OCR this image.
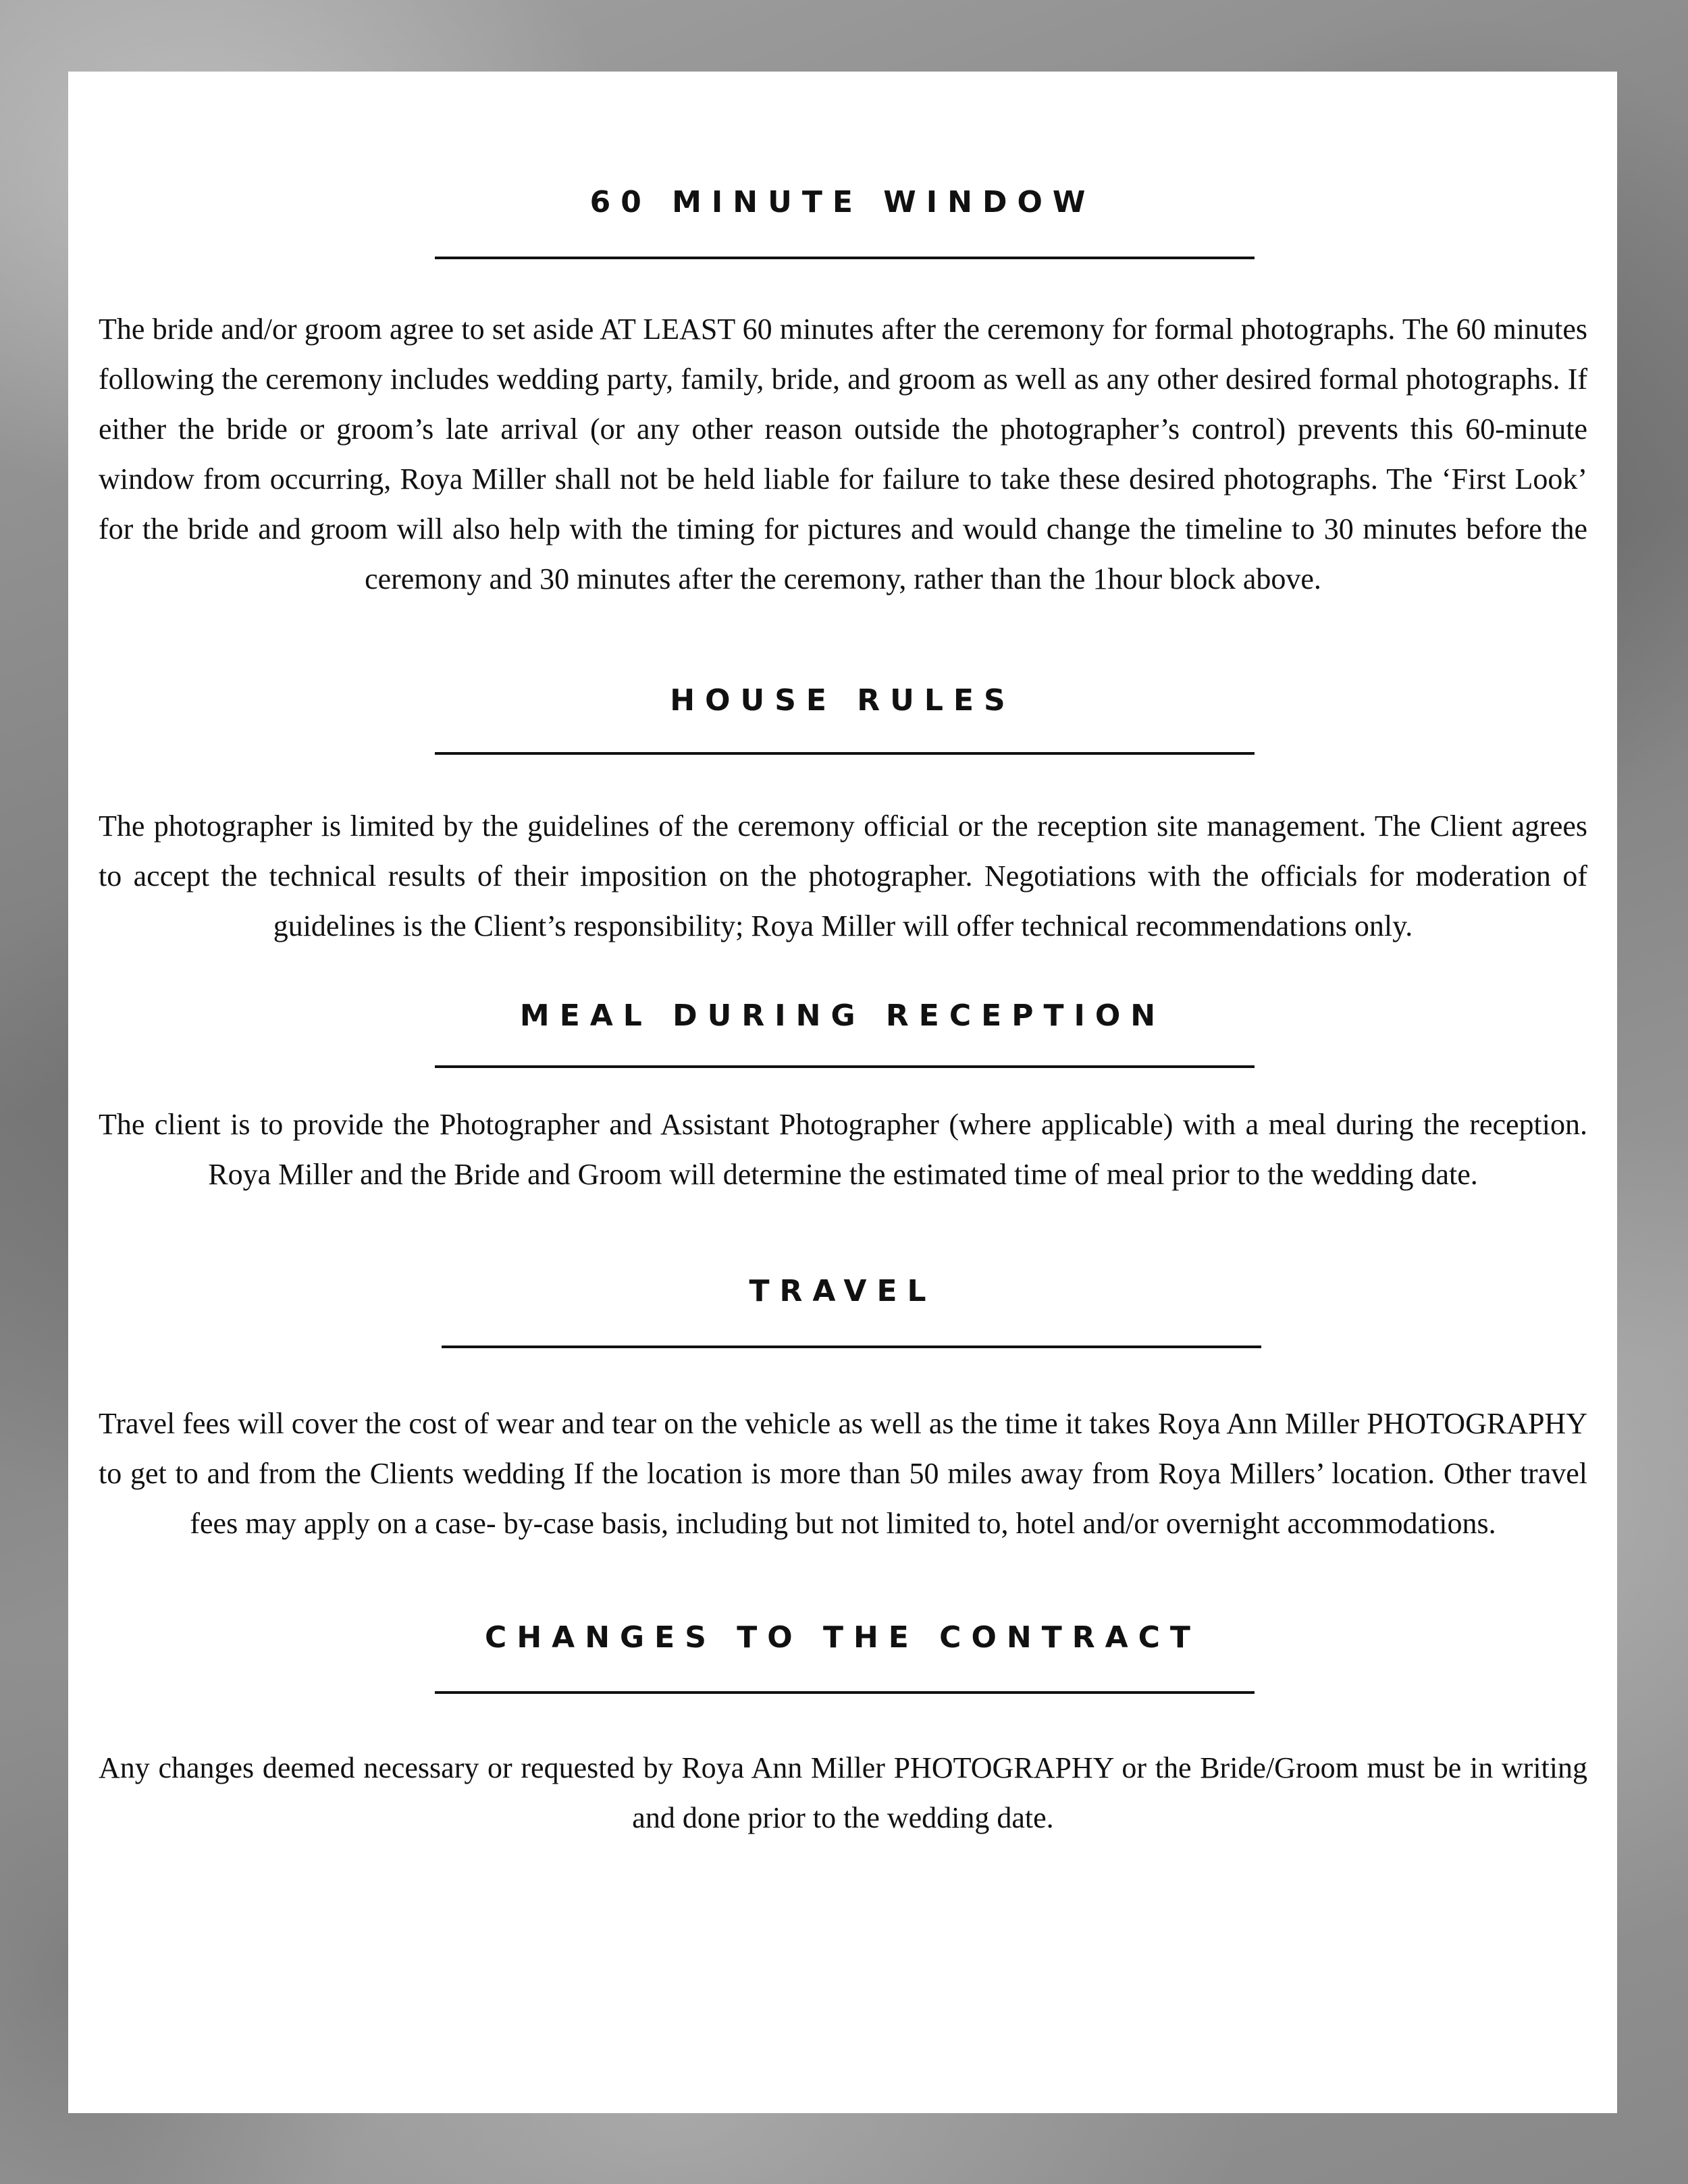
60 MINUTE WINDOW
The bride and/or groom agree to set aside AT LEAST 60 minutes after the ceremony for formal photographs. The 60 minutes following the ceremony includes wedding party, family, bride, and groom as well as any other desired formal photographs. If either the bride or groom’s late arrival (or any other reason outside the photographer’s control) prevents this 60-minute window from occurring, Roya Miller shall not be held liable for failure to take these desired photographs. The ‘First Look’ for the bride and groom will also help with the timing for pictures and would change the timeline to 30 minutes before the ceremony and 30 minutes after the ceremony, rather than the 1hour block above.
HOUSE RULES
The photographer is limited by the guidelines of the ceremony official or the reception site management. The Client agrees to accept the technical results of their imposition on the photographer. Negotiations with the officials for moderation of guidelines is the Client’s responsibility; Roya Miller will offer technical recommendations only.
MEAL DURING RECEPTION
The client is to provide the Photographer and Assistant Photographer (where applicable) with a meal during the reception. Roya Miller and the Bride and Groom will determine the estimated time of meal prior to the wedding date.
TRAVEL
Travel fees will cover the cost of wear and tear on the vehicle as well as the time it takes Roya Ann Miller PHOTOGRAPHY to get to and from the Clients wedding If the location is more than 50 miles away from Roya Millers’ location. Other travel fees may apply on a case- by-case basis, including but not limited to, hotel and/or overnight accommodations.
CHANGES TO THE CONTRACT
Any changes deemed necessary or requested by Roya Ann Miller PHOTOGRAPHY or the Bride/Groom must be in writing and done prior to the wedding date.
